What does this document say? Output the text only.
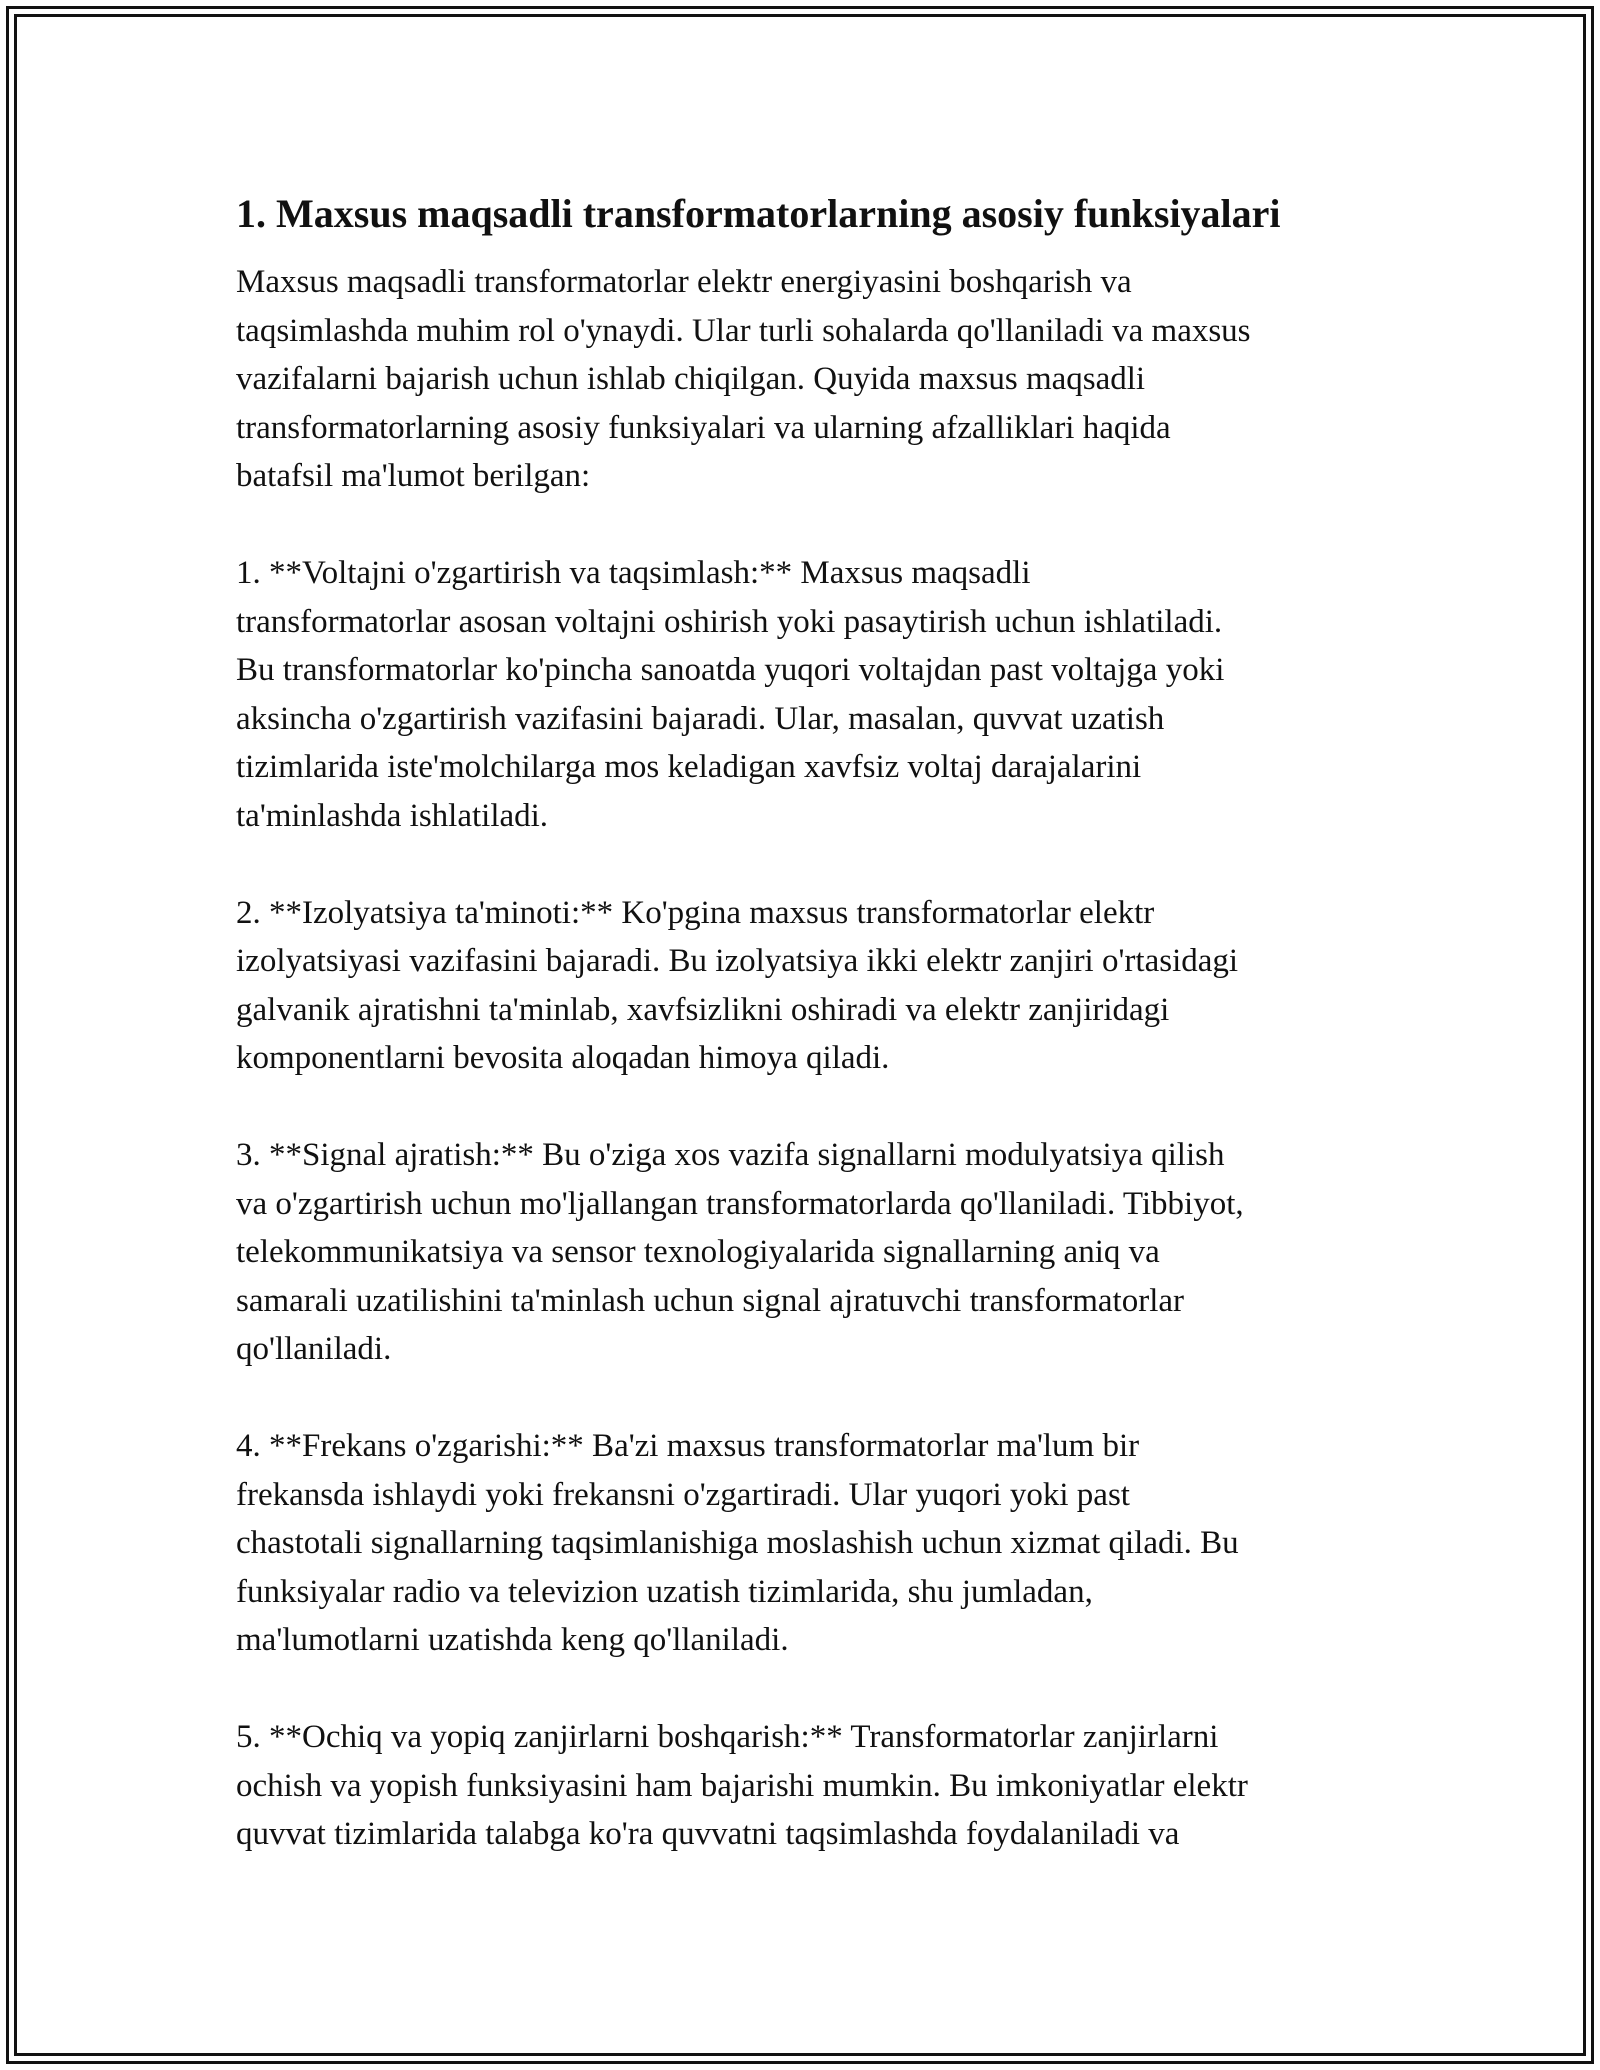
1. Maxsus maqsadli transformatorlarning asosiy funksiyalari

Maxsus maqsadli transformatorlar elektr energiyasini boshqarish va
taqsimlashda muhim rol o'ynaydi. Ular turli sohalarda qo'llaniladi va maxsus
vazifalarni bajarish uchun ishlab chiqilgan. Quyida maxsus maqsadli
transformatorlarning asosiy funksiyalari va ularning afzalliklari haqida
batafsil ma'lumot berilgan:

1. **Voltajni o'zgartirish va taqsimlash:** Maxsus maqsadli
transformatorlar asosan voltajni oshirish yoki pasaytirish uchun ishlatiladi.
Bu transformatorlar ko'pincha sanoatda yuqori voltajdan past voltajga yoki
aksincha o'zgartirish vazifasini bajaradi. Ular, masalan, quvvat uzatish
tizimlarida iste'molchilarga mos keladigan xavfsiz voltaj darajalarini
ta'minlashda ishlatiladi.

2. **Izolyatsiya ta'minoti:** Ko'pgina maxsus transformatorlar elektr
izolyatsiyasi vazifasini bajaradi. Bu izolyatsiya ikki elektr zanjiri o'rtasidagi
galvanik ajratishni ta'minlab, xavfsizlikni oshiradi va elektr zanjiridagi
komponentlarni bevosita aloqadan himoya qiladi.

3. **Signal ajratish:** Bu o'ziga xos vazifa signallarni modulyatsiya qilish
va o'zgartirish uchun mo'ljallangan transformatorlarda qo'llaniladi. Tibbiyot,
telekommunikatsiya va sensor texnologiyalarida signallarning aniq va
samarali uzatilishini ta'minlash uchun signal ajratuvchi transformatorlar
qo'llaniladi.

4. **Frekans o'zgarishi:** Ba'zi maxsus transformatorlar ma'lum bir
frekansda ishlaydi yoki frekansni o'zgartiradi. Ular yuqori yoki past
chastotali signallarning taqsimlanishiga moslashish uchun xizmat qiladi. Bu
funksiyalar radio va televizion uzatish tizimlarida, shu jumladan,
ma'lumotlarni uzatishda keng qo'llaniladi.

5. **Ochiq va yopiq zanjirlarni boshqarish:** Transformatorlar zanjirlarni
ochish va yopish funksiyasini ham bajarishi mumkin. Bu imkoniyatlar elektr
quvvat tizimlarida talabga ko'ra quvvatni taqsimlashda foydalaniladi va
